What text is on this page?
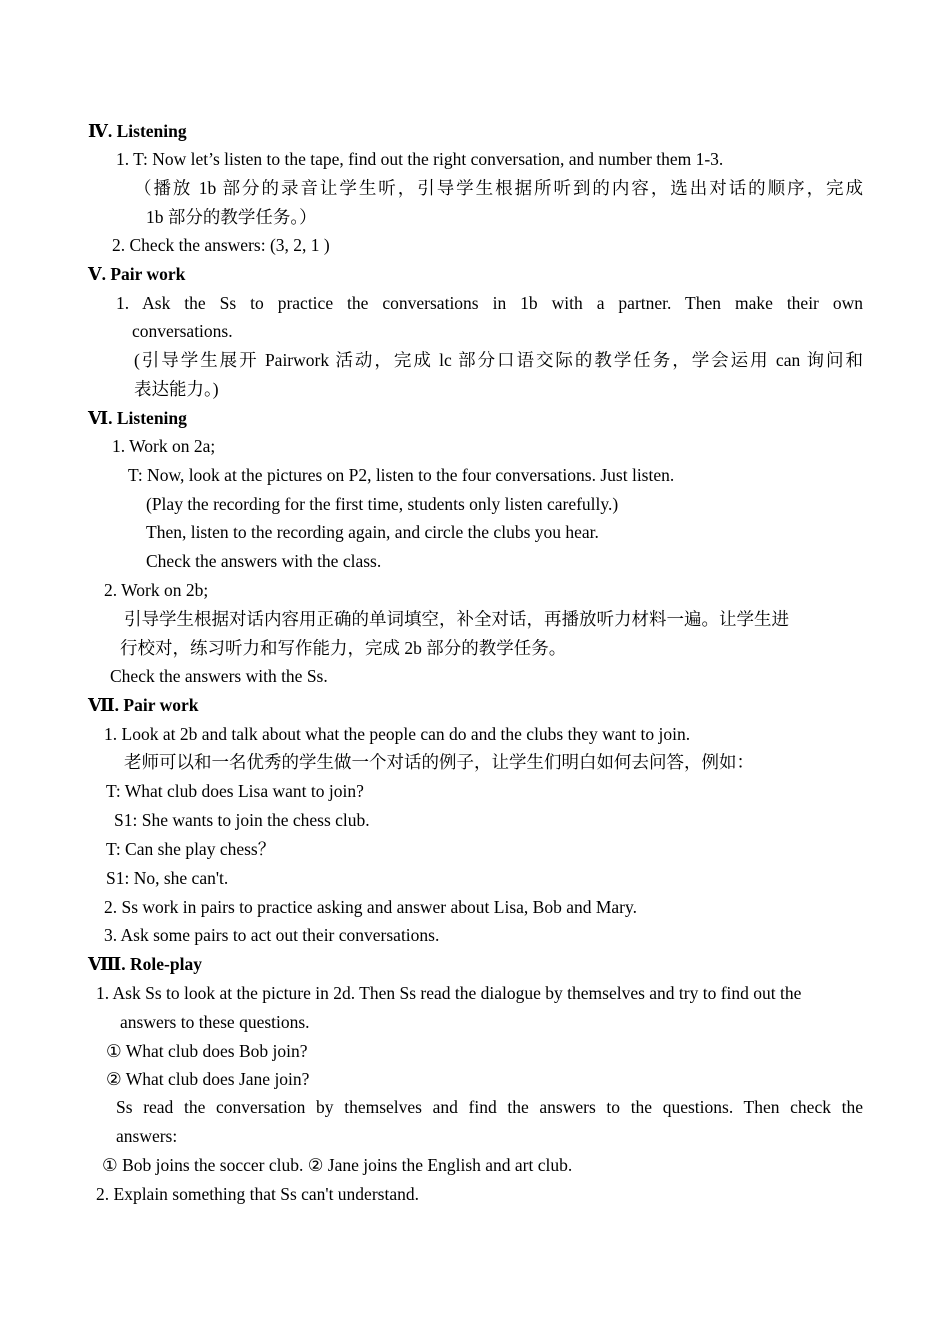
Ⅳ. Listening
1. T: Now let’s listen to the tape, find out the right conversation, and number them 1-3.
（播放 1b 部分的录音让学生听，引导学生根据所听到的内容，选出对话的顺序，完成
1b 部分的教学任务。）
2. Check the answers: (3, 2, 1 )
Ⅴ. Pair work
1. Ask the Ss to practice the conversations in 1b with a partner. Then make their own
conversations.
(引导学生展开 Pairwork 活动，完成 lc 部分口语交际的教学任务，学会运用 can 询问和
表达能力。)
Ⅵ. Listening
1. Work on 2a;
T: Now, look at the pictures on P2, listen to the four conversations. Just listen.
(Play the recording for the first time, students only listen carefully.)
Then, listen to the recording again, and circle the clubs you hear.
Check the answers with the class.
2. Work on 2b;
引导学生根据对话内容用正确的单词填空，补全对话，再播放听力材料一遍。让学生进
行校对，练习听力和写作能力，完成 2b 部分的教学任务。
Check the answers with the Ss.
Ⅶ. Pair work
1. Look at 2b and talk about what the people can do and the clubs they want to join.
老师可以和一名优秀的学生做一个对话的例子，让学生们明白如何去问答，例如：
T: What club does Lisa want to join?
S1: She wants to join the chess club.
T: Can she play chess？
S1: No, she can't.
2. Ss work in pairs to practice asking and answer about Lisa, Bob and Mary.
3. Ask some pairs to act out their conversations.
Ⅷ. Role-play
1. Ask Ss to look at the picture in 2d. Then Ss read the dialogue by themselves and try to find out the
answers to these questions.
① What club does Bob join?
② What club does Jane join?
Ss read the conversation by themselves and find the answers to the questions. Then check the
answers:
① Bob joins the soccer club. ② Jane joins the English and art club.
2. Explain something that Ss can't understand.
